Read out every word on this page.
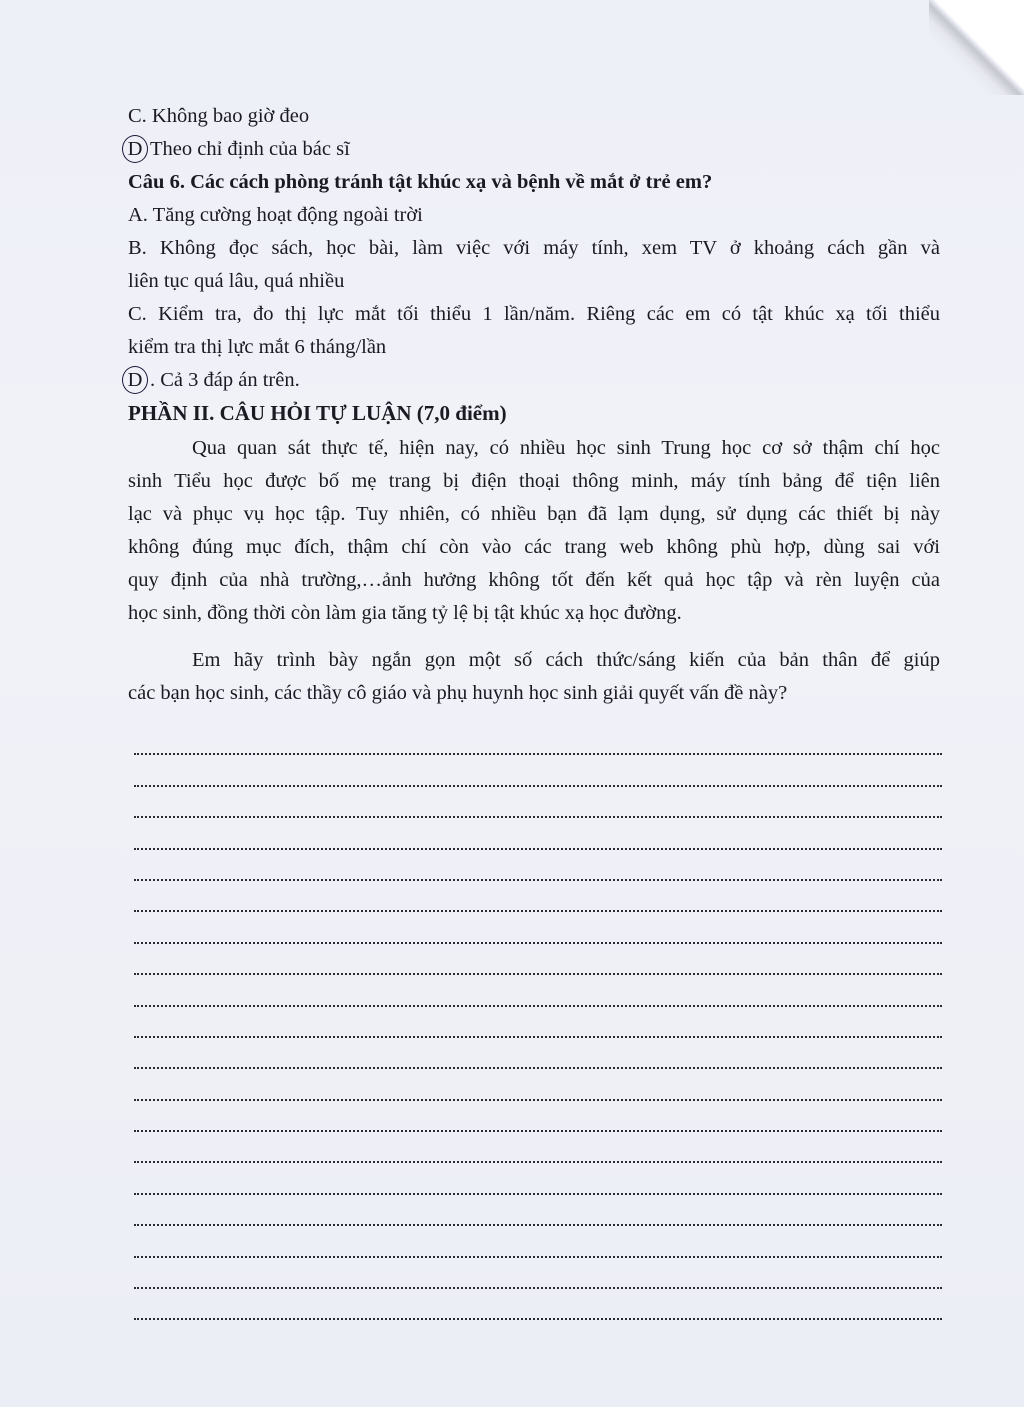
C. Không bao giờ đeo
D Theo chỉ định của bác sĩ
Câu 6. Các cách phòng tránh tật khúc xạ và bệnh về mắt ở trẻ em?
A. Tăng cường hoạt động ngoài trời
B. Không đọc sách, học bài, làm việc với máy tính, xem TV ở khoảng cách gần và
liên tục quá lâu, quá nhiều
C. Kiểm tra, đo thị lực mắt tối thiểu 1 lần/năm. Riêng các em có tật khúc xạ tối thiểu
kiểm tra thị lực mắt 6 tháng/lần
D . Cả 3 đáp án trên.
PHẦN II. CÂU HỎI TỰ LUẬN (7,0 điểm)
Qua quan sát thực tế, hiện nay, có nhiều học sinh Trung học cơ sở thậm chí học
sinh Tiểu học được bố mẹ trang bị điện thoại thông minh, máy tính bảng để tiện liên
lạc và phục vụ học tập. Tuy nhiên, có nhiều bạn đã lạm dụng, sử dụng các thiết bị này
không đúng mục đích, thậm chí còn vào các trang web không phù hợp, dùng sai với
quy định của nhà trường,…ảnh hưởng không tốt đến kết quả học tập và rèn luyện của
học sinh, đồng thời còn làm gia tăng tỷ lệ bị tật khúc xạ học đường.
Em hãy trình bày ngắn gọn một số cách thức/sáng kiến của bản thân để giúp
các bạn học sinh, các thầy cô giáo và phụ huynh học sinh giải quyết vấn đề này?
